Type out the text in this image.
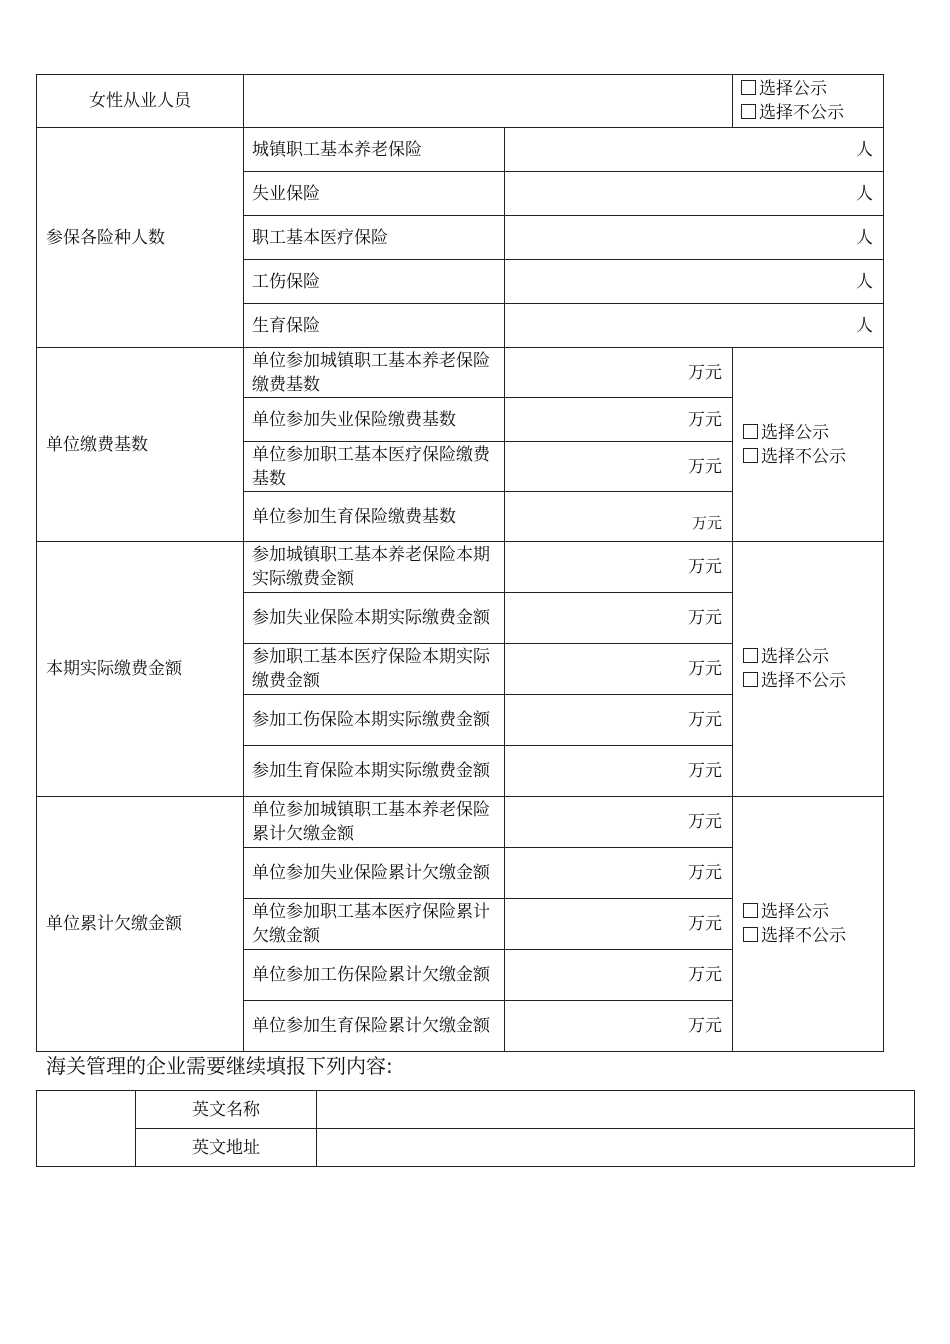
女性从业人员			选择公示
选择不公示

参保各险种人数	城镇职工基本养老保险	人	
	失业保险	人	
	职工基本医疗保险	人	
	工伤保险	人	
	生育保险	人	
单位缴费基数	单位参加城镇职工基本养老保险缴费基数	万元	选择公示
选择不公示

	单位参加失业保险缴费基数	万元	
	单位参加职工基本医疗保险缴费基数	万元	
	单位参加生育保险缴费基数	万元	
本期实际缴费金额	参加城镇职工基本养老保险本期实际缴费金额	万元	选择公示
选择不公示

	参加失业保险本期实际缴费金额	万元	
	参加职工基本医疗保险本期实际缴费金额	万元	
	参加工伤保险本期实际缴费金额	万元	
	参加生育保险本期实际缴费金额	万元	
单位累计欠缴金额	单位参加城镇职工基本养老保险累计欠缴金额	万元	选择公示
选择不公示

	单位参加失业保险累计欠缴金额	万元	
	单位参加职工基本医疗保险累计欠缴金额	万元	
	单位参加工伤保险累计欠缴金额	万元	
	单位参加生育保险累计欠缴金额	万元	
海关管理的企业需要继续填报下列内容:
	英文名称	
	英文地址	
